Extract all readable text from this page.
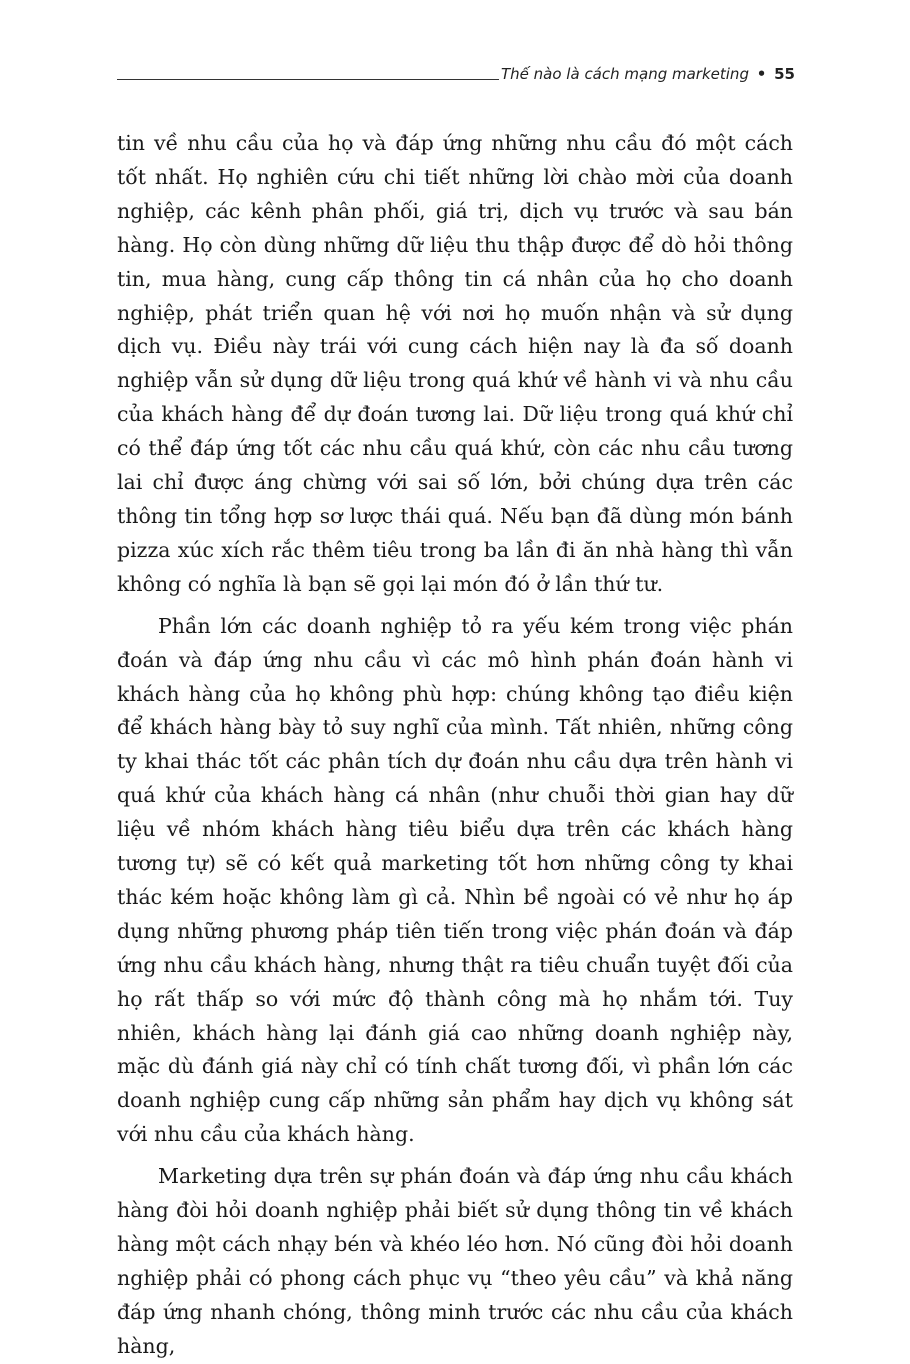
Thế nào là cách mạng marketing • 55

tin về nhu cầu của họ và đáp ứng những nhu cầu đó một cách tốt nhất. Họ nghiên cứu chi tiết những lời chào mời của doanh nghiệp, các kênh phân phối, giá trị, dịch vụ trước và sau bán hàng. Họ còn dùng những dữ liệu thu thập được để dò hỏi thông tin, mua hàng, cung cấp thông tin cá nhân của họ cho doanh nghiệp, phát triển quan hệ với nơi họ muốn nhận và sử dụng dịch vụ. Điều này trái với cung cách hiện nay là đa số doanh nghiệp vẫn sử dụng dữ liệu trong quá khứ về hành vi và nhu cầu của khách hàng để dự đoán tương lai. Dữ liệu trong quá khứ chỉ có thể đáp ứng tốt các nhu cầu quá khứ, còn các nhu cầu tương lai chỉ được áng chừng với sai số lớn, bởi chúng dựa trên các thông tin tổng hợp sơ lược thái quá. Nếu bạn đã dùng món bánh pizza xúc xích rắc thêm tiêu trong ba lần đi ăn nhà hàng thì vẫn không có nghĩa là bạn sẽ gọi lại món đó ở lần thứ tư.

Phần lớn các doanh nghiệp tỏ ra yếu kém trong việc phán đoán và đáp ứng nhu cầu vì các mô hình phán đoán hành vi khách hàng của họ không phù hợp: chúng không tạo điều kiện để khách hàng bày tỏ suy nghĩ của mình. Tất nhiên, những công ty khai thác tốt các phân tích dự đoán nhu cầu dựa trên hành vi quá khứ của khách hàng cá nhân (như chuỗi thời gian hay dữ liệu về nhóm khách hàng tiêu biểu dựa trên các khách hàng tương tự) sẽ có kết quả marketing tốt hơn những công ty khai thác kém hoặc không làm gì cả. Nhìn bề ngoài có vẻ như họ áp dụng những phương pháp tiên tiến trong việc phán đoán và đáp ứng nhu cầu khách hàng, nhưng thật ra tiêu chuẩn tuyệt đối của họ rất thấp so với mức độ thành công mà họ nhắm tới. Tuy nhiên, khách hàng lại đánh giá cao những doanh nghiệp này, mặc dù đánh giá này chỉ có tính chất tương đối, vì phần lớn các doanh nghiệp cung cấp những sản phẩm hay dịch vụ không sát với nhu cầu của khách hàng.

Marketing dựa trên sự phán đoán và đáp ứng nhu cầu khách hàng đòi hỏi doanh nghiệp phải biết sử dụng thông tin về khách hàng một cách nhạy bén và khéo léo hơn. Nó cũng đòi hỏi doanh nghiệp phải có phong cách phục vụ “theo yêu cầu” và khả năng đáp ứng nhanh chóng, thông minh trước các nhu cầu của khách hàng,
